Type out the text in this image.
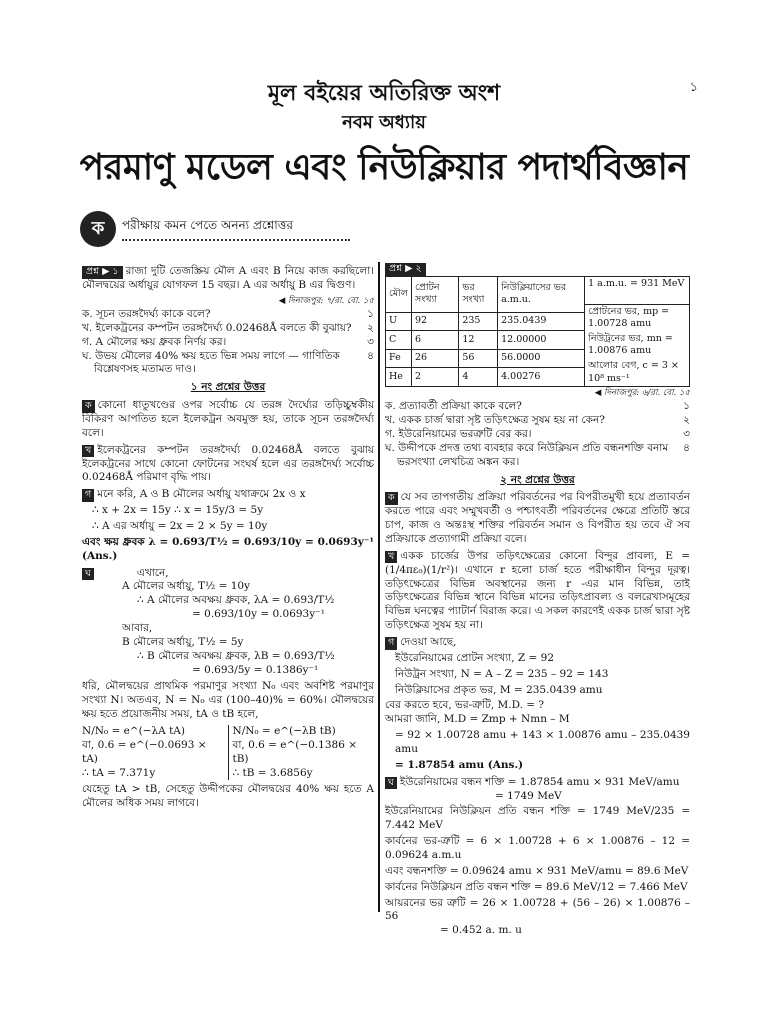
১
মূল বইয়ের অতিরিক্ত অংশ
নবম অধ্যায়
পরমাণু মডেল এবং নিউক্লিয়ার পদার্থবিজ্ঞান
ক	পরীক্ষায় কমন পেতে অনন্য প্রশ্নোত্তর
প্রশ্ন ▶ ১ রাজা দুটি তেজস্ক্রিয় মৌল A এবং B নিয়ে কাজ করছিলো। মৌলদ্বয়ের অর্ধায়ুর যোগফল 15 বছর। A এর অর্ধায়ু B এর দ্বিগুণ।
◀ দিনাজপুর: ৭/রা. বো. ১৫
ক. সূচন তরঙ্গদৈর্ঘ্য কাকে বলে?	১
খ. ইলেকট্রনের কম্পটন তরঙ্গদৈর্ঘ্য 0.02468Å বলতে কী বুঝায়?	২
গ. A মৌলের ক্ষয় ধ্রুবক নির্ণয় কর।	৩
ঘ. উভয় মৌলের 40% ক্ষয় হতে ভিন্ন সময় লাগে — গাণিতিক বিশ্লেষণসহ মতামত দাও।
৪
১ নং প্রশ্নের উত্তর
ক কোনো ধাতুখণ্ডের ওপর সর্বোচ্চ যে তরঙ্গ দৈর্ঘ্যের তড়িচ্চুম্বকীয় বিকিরণ আপতিত হলে ইলেকট্রন অবমুক্ত হয়, তাকে সূচন তরঙ্গদৈর্ঘ্য বলে।
খ ইলেকট্রনের কম্পটন তরঙ্গদৈর্ঘ্য 0.02468Å বলতে বুঝায় ইলেকট্রনের সাথে কোনো ফোটনের সংঘর্ষ হলে এর তরঙ্গদৈর্ঘ্য সর্বোচ্চ 0.02468Å পরিমাণ বৃদ্ধি পায়।
গ মনে করি, A ও B মৌলের অর্ধায়ু যথাক্রমে 2x ও x
∴ x + 2x = 15y ∴ x = 15y/3 = 5y
∴ A এর অর্ধায়ু = 2x = 2 × 5y = 10y
এবং ক্ষয় ধ্রুবক λ = 0.693/T½ = 0.693/10y = 0.0693y⁻¹ (Ans.)
ঘ	এখানে,
A মৌলের অর্ধায়ু, T½ = 10y
∴ A মৌলের অবক্ষয় ধ্রুবক, λA = 0.693/T½
= 0.693/10y = 0.0693y⁻¹
আবার,
B মৌলের অর্ধায়ু, T½ = 5y
∴ B মৌলের অবক্ষয় ধ্রুবক, λB = 0.693/T½
= 0.693/5y = 0.1386y⁻¹
ধরি, মৌলদ্বয়ের প্রাথমিক পরমাণুর সংখ্যা N₀ এবং অবশিষ্ট পরমাণুর সংখ্যা N। অতএব, N = N₀ এর (100–40)% = 60%। মৌলদ্বয়ের ক্ষয় হতে প্রয়োজনীয় সময়, tA ও tB হলে,
N/N₀ = e^(−λA tA)
বা, 0.6 = e^(−0.0693 × tA)
∴ tA = 7.371y
N/N₀ = e^(−λB tB)
বা, 0.6 = e^(−0.1386 × tB)
∴ tB = 3.6856y
যেহেতু tA > tB, সেহেতু উদ্দীপকের মৌলদ্বয়ের 40% ক্ষয় হতে A মৌলের অধিক সময় লাগবে।
প্রশ্ন ▶ ২
মৌল	প্রোটন সংখ্যা	ভর সংখ্যা	নিউক্লিয়াসের ভর a.m.u.
U	92	235	235.0439
C	6	12	12.00000
Fe	26	56	56.0000
He	2	4	4.00276
1 a.m.u. = 931 MeV
প্রোটনের ভর, mp = 1.00728 amu
নিউট্রনের ভর, mn = 1.00876 amu
আলোর বেগ, c = 3 × 10⁸ ms⁻¹
◀ দিনাজপুর: ৬/রা. বো. ১৫
ক. প্রত্যাবর্তী প্রক্রিয়া কাকে বলে?	১
খ. একক চার্জ দ্বারা সৃষ্ট তড়িৎক্ষেত্র সুষম হয় না কেন?	২
গ. ইউরেনিয়ামের ভরত্রুটি বের কর।	৩
ঘ. উদ্দীপকে প্রদত্ত তথ্য ব্যবহার করে নিউক্লিয়ন প্রতি বন্ধনশক্তি বনাম ভরসংখ্যা লেখচিত্র অঙ্কন কর।
৪
২ নং প্রশ্নের উত্তর
ক যে সব তাপগতীয় প্রক্রিয়া পরিবর্তনের পর বিপরীতমুখী হয়ে প্রত্যাবর্তন করতে পারে এবং সম্মুখবর্তী ও পশ্চাৎবর্তী পরিবর্তনের ক্ষেত্রে প্রতিটি স্তরে চাপ, কাজ ও অন্তঃস্থ শক্তির পরিবর্তন সমান ও বিপরীত হয় তবে ঐ সব প্রক্রিয়াকে প্রত্যাগামী প্রক্রিয়া বলে।
খ একক চার্জের উপর তড়িৎক্ষেত্রের কোনো বিন্দুর প্রাবল্য, E = (1/4πε₀)(1/r²)। এখানে r হলো চার্জ হতে পরীক্ষাধীন বিন্দুর দূরত্ব। তড়িৎক্ষেত্রের বিভিন্ন অবস্থানের জন্য r -এর মান বিভিন্ন, তাই তড়িৎক্ষেত্রের বিভিন্ন স্থানে বিভিন্ন মানের তড়িৎপ্রাবল্য ও বলরেখাসমূহের বিভিন্ন ঘনত্বের প্যাটার্ন বিরাজ করে। এ সকল কারণেই একক চার্জ দ্বারা সৃষ্ট তড়িৎক্ষেত্র সুষম হয় না।
গ দেওয়া আছে,
ইউরেনিয়ামের প্রোটন সংখ্যা, Z = 92
নিউট্রন সংখ্যা, N = A – Z = 235 – 92 = 143
নিউক্লিয়াসের প্রকৃত ভর, M = 235.0439 amu
বের করতে হবে, ভর-ত্রুটি, M.D. = ?
আমরা জানি, M.D = Zmp + Nmn – M
= 92 × 1.00728 amu + 143 × 1.00876 amu – 235.0439 amu
= 1.87854 amu (Ans.)
ঘ ইউরেনিয়ামের বন্ধন শক্তি = 1.87854 amu × 931 MeV/amu
= 1749 MeV
ইউরেনিয়ামের নিউক্লিয়ন প্রতি বন্ধন শক্তি = 1749 MeV/235 = 7.442 MeV
কার্বনের ভর-ত্রুটি = 6 × 1.00728 + 6 × 1.00876 – 12 = 0.09624 a.m.u
এবং বন্ধনশক্তি = 0.09624 amu × 931 MeV/amu = 89.6 MeV
কার্বনের নিউক্লিয়ন প্রতি বন্ধন শক্তি = 89.6 MeV/12 = 7.466 MeV
আয়রনের ভর ত্রুটি = 26 × 1.00728 + (56 – 26) × 1.00876 – 56
= 0.452 a. m. u
